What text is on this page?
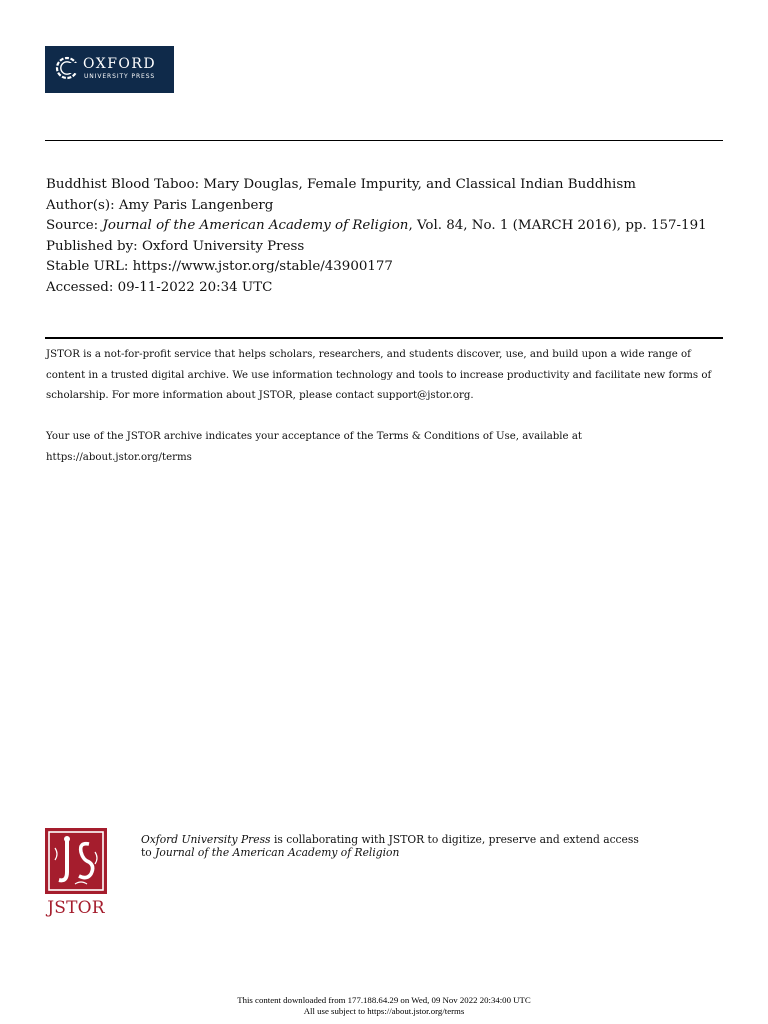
OXFORD
UNIVERSITY PRESS
Buddhist Blood Taboo: Mary Douglas, Female Impurity, and Classical Indian Buddhism
Author(s): Amy Paris Langenberg
Source: Journal of the American Academy of Religion, Vol. 84, No. 1 (MARCH 2016), pp. 157-191
Published by: Oxford University Press
Stable URL: https://www.jstor.org/stable/43900177
Accessed: 09-11-2022 20:34 UTC
JSTOR is a not-for-profit service that helps scholars, researchers, and students discover, use, and build upon a wide range of content in a trusted digital archive. We use information technology and tools to increase productivity and facilitate new forms of scholarship. For more information about JSTOR, please contact support@jstor.org.
Your use of the JSTOR archive indicates your acceptance of the Terms & Conditions of Use, available at https://about.jstor.org/terms
JSTOR
Oxford University Press is collaborating with JSTOR to digitize, preserve and extend access
to Journal of the American Academy of Religion
This content downloaded from 177.188.64.29 on Wed, 09 Nov 2022 20:34:00 UTC
All use subject to https://about.jstor.org/terms
